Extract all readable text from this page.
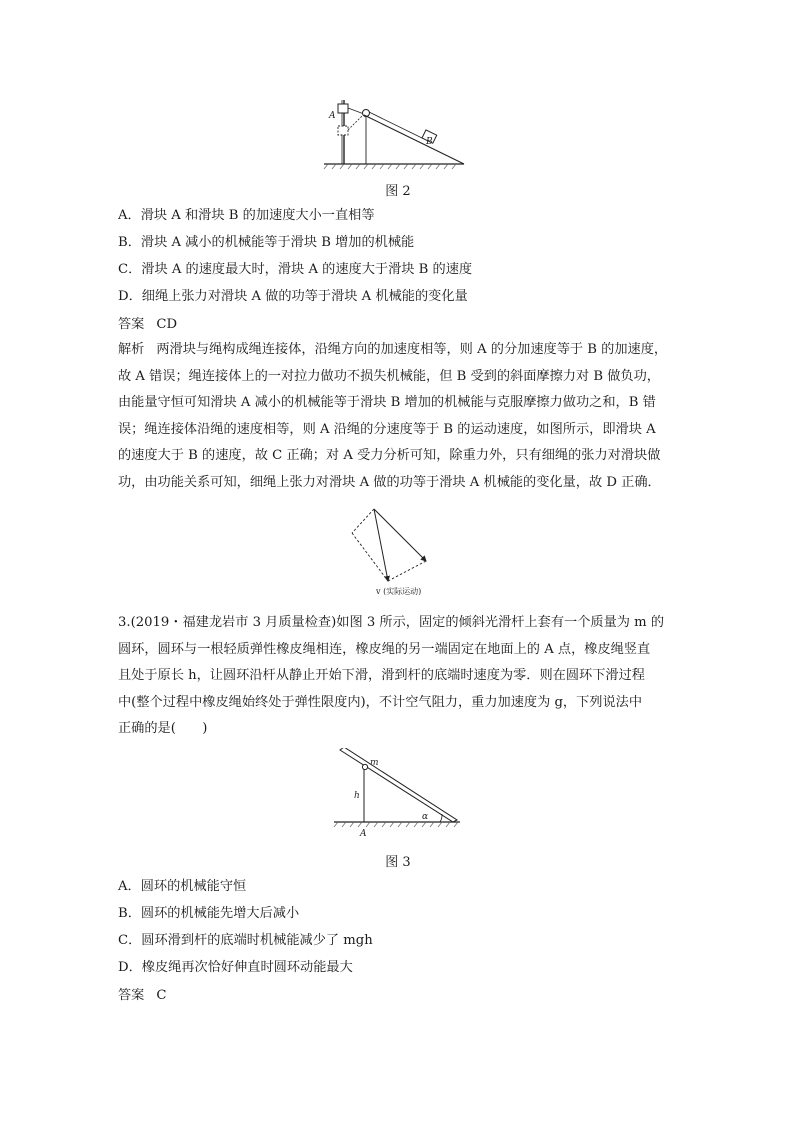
A
B
图 2
A．滑块 A 和滑块 B 的加速度大小一直相等
B．滑块 A 减小的机械能等于滑块 B 增加的机械能
C．滑块 A 的速度最大时，滑块 A 的速度大于滑块 B 的速度
D．细绳上张力对滑块 A 做的功等于滑块 A 机械能的变化量
答案 CD
解析 两滑块与绳构成绳连接体，沿绳方向的加速度相等，则 A 的分加速度等于 B 的加速度，
故 A 错误；绳连接体上的一对拉力做功不损失机械能，但 B 受到的斜面摩擦力对 B 做负功，
由能量守恒可知滑块 A 减小的机械能等于滑块 B 增加的机械能与克服摩擦力做功之和，B 错
误；绳连接体沿绳的速度相等，则 A 沿绳的分速度等于 B 的运动速度，如图所示，即滑块 A
的速度大于 B 的速度，故 C 正确；对 A 受力分析可知，除重力外，只有细绳的张力对滑块做
功，由功能关系可知，细绳上张力对滑块 A 做的功等于滑块 A 机械能的变化量，故 D 正确．
v (实际运动)
3.(2019・福建龙岩市 3 月质量检查)如图 3 所示，固定的倾斜光滑杆上套有一个质量为 m 的
圆环，圆环与一根轻质弹性橡皮绳相连，橡皮绳的另一端固定在地面上的 A 点，橡皮绳竖直
且处于原长 h，让圆环沿杆从静止开始下滑，滑到杆的底端时速度为零．则在圆环下滑过程
中(整个过程中橡皮绳始终处于弹性限度内)，不计空气阻力，重力加速度为 g，下列说法中
正确的是(　　)
m
h
α
A
图 3
A．圆环的机械能守恒
B．圆环的机械能先增大后减小
C．圆环滑到杆的底端时机械能减少了 mgh
D．橡皮绳再次恰好伸直时圆环动能最大
答案 C
